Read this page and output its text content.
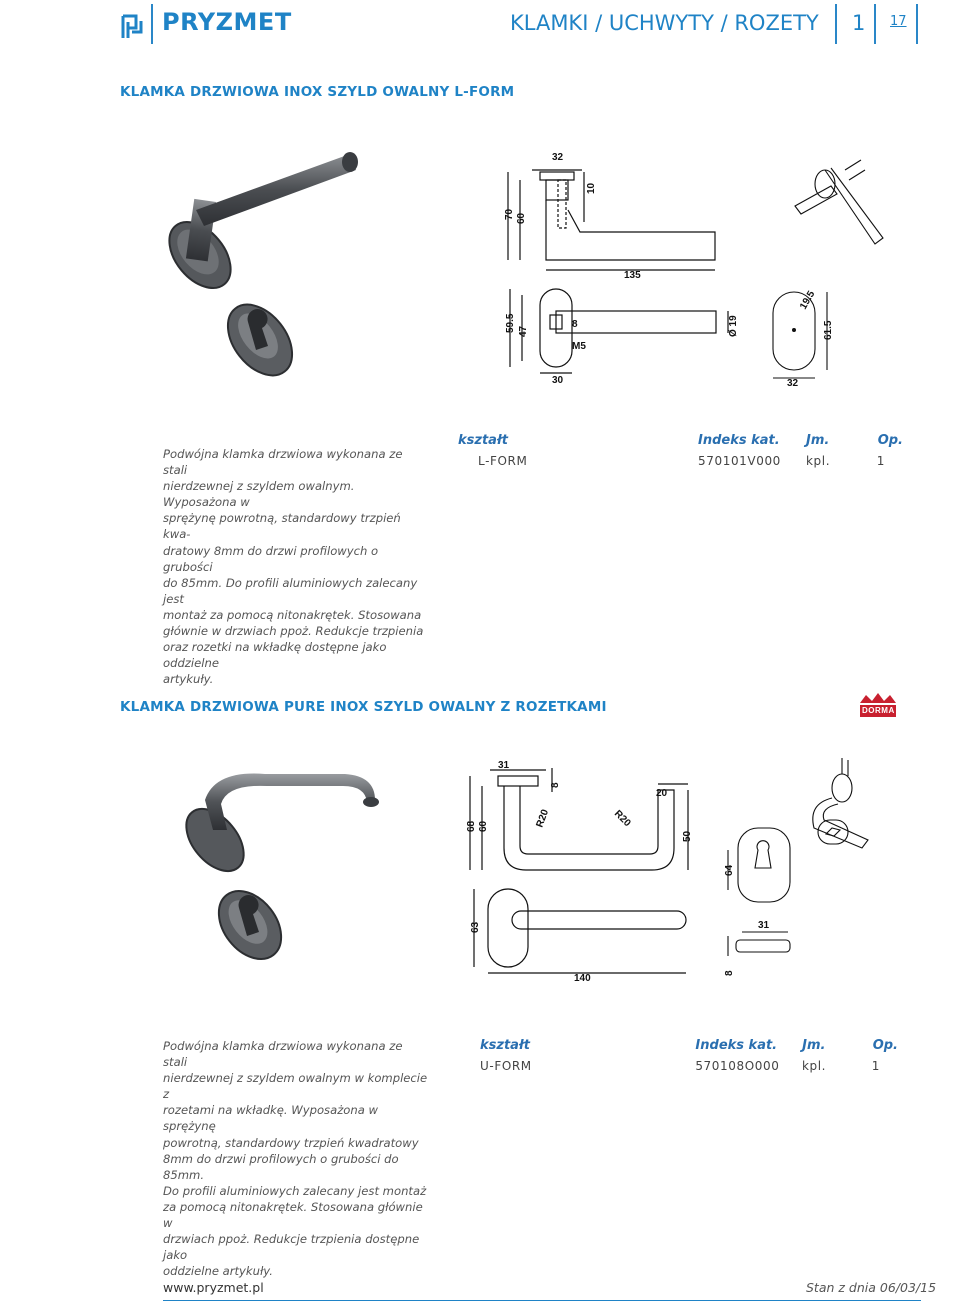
PRYZMET	KLAMKI / UCHWYTY / ROZETY 1 17
KLAMKA DRZWIOWA INOX SZYLD OWALNY L-FORM
32
10
70 60
135
59.5 47
8
M5
30
Ø 19
19.5
61.5
32
Podwójna klamka drzwiowa wykonana ze stali
nierdzewnej z szyldem owalnym. Wyposażona w
sprężynę powrotną, standardowy trzpień kwa-
dratowy 8mm do drzwi profilowych o grubości
do 85mm. Do profili aluminiowych zalecany jest
montaż za pomocą nitonakrętek. Stosowana
głównie w drzwiach ppoż. Redukcje trzpienia
oraz rozetki na wkładkę dostępne jako oddzielne
artykuły.
kształt	Indeks kat.	Jm.	Op.
L-FORM	570101V000	kpl.	1
KLAMKA DRZWIOWA PURE INOX SZYLD OWALNY Z ROZETKAMI	DORMA
31
8
68 60	R20	R20
20
50
63
140
64
31
8
Podwójna klamka drzwiowa wykonana ze stali
nierdzewnej z szyldem owalnym w komplecie z
rozetami na wkładkę. Wyposażona w sprężynę
powrotną, standardowy trzpień kwadratowy
8mm do drzwi profilowych o grubości do 85mm.
Do profili aluminiowych zalecany jest montaż
za pomocą nitonakrętek. Stosowana głównie w
drzwiach ppoż. Redukcje trzpienia dostępne jako
oddzielne artykuły.
kształt	Indeks kat.	Jm.	Op.
U-FORM	570108O000	kpl.	1
www.pryzmet.pl	Stan z dnia 06/03/15
